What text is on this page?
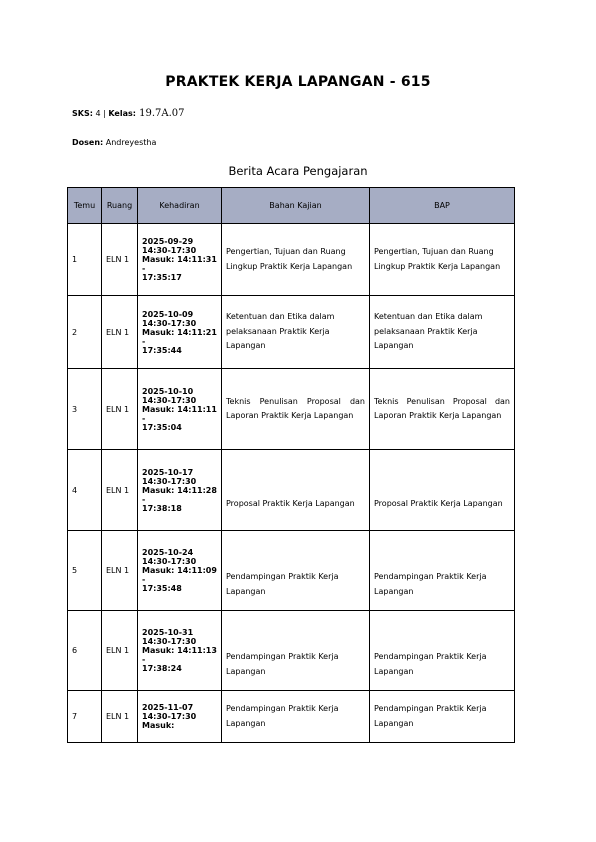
PRAKTEK KERJA LAPANGAN - 615
SKS: 4 | Kelas: 19.7A.07
Dosen: Andreyestha
Berita Acara Pengajaran
Temu	Ruang	Kehadiran	Bahan Kajian	BAP
1	ELN 1	2025-09-29
14:30-17:30
Masuk: 14:11:31 -
17:35:17	Pengertian, Tujuan dan Ruang Lingkup Praktik Kerja Lapangan	Pengertian, Tujuan dan Ruang Lingkup Praktik Kerja Lapangan
2	ELN 1	2025-10-09
14:30-17:30
Masuk: 14:11:21 -
17:35:44	Ketentuan dan Etika dalam pelaksanaan Praktik Kerja Lapangan	Ketentuan dan Etika dalam pelaksanaan Praktik Kerja Lapangan
3	ELN 1	2025-10-10
14:30-17:30
Masuk: 14:11:11 -
17:35:04	Teknis Penulisan Proposal dan Laporan Praktik Kerja Lapangan	Teknis Penulisan Proposal dan Laporan Praktik Kerja Lapangan
4	ELN 1	2025-10-17
14:30-17:30
Masuk: 14:11:28 -
17:38:18	Proposal Praktik Kerja Lapangan	Proposal Praktik Kerja Lapangan
5	ELN 1	2025-10-24
14:30-17:30
Masuk: 14:11:09 -
17:35:48	Pendampingan Praktik Kerja Lapangan	Pendampingan Praktik Kerja Lapangan
6	ELN 1	2025-10-31
14:30-17:30
Masuk: 14:11:13 -
17:38:24	Pendampingan Praktik Kerja Lapangan	Pendampingan Praktik Kerja Lapangan
7	ELN 1	2025-11-07
14:30-17:30
Masuk:	Pendampingan Praktik Kerja Lapangan	Pendampingan Praktik Kerja Lapangan
